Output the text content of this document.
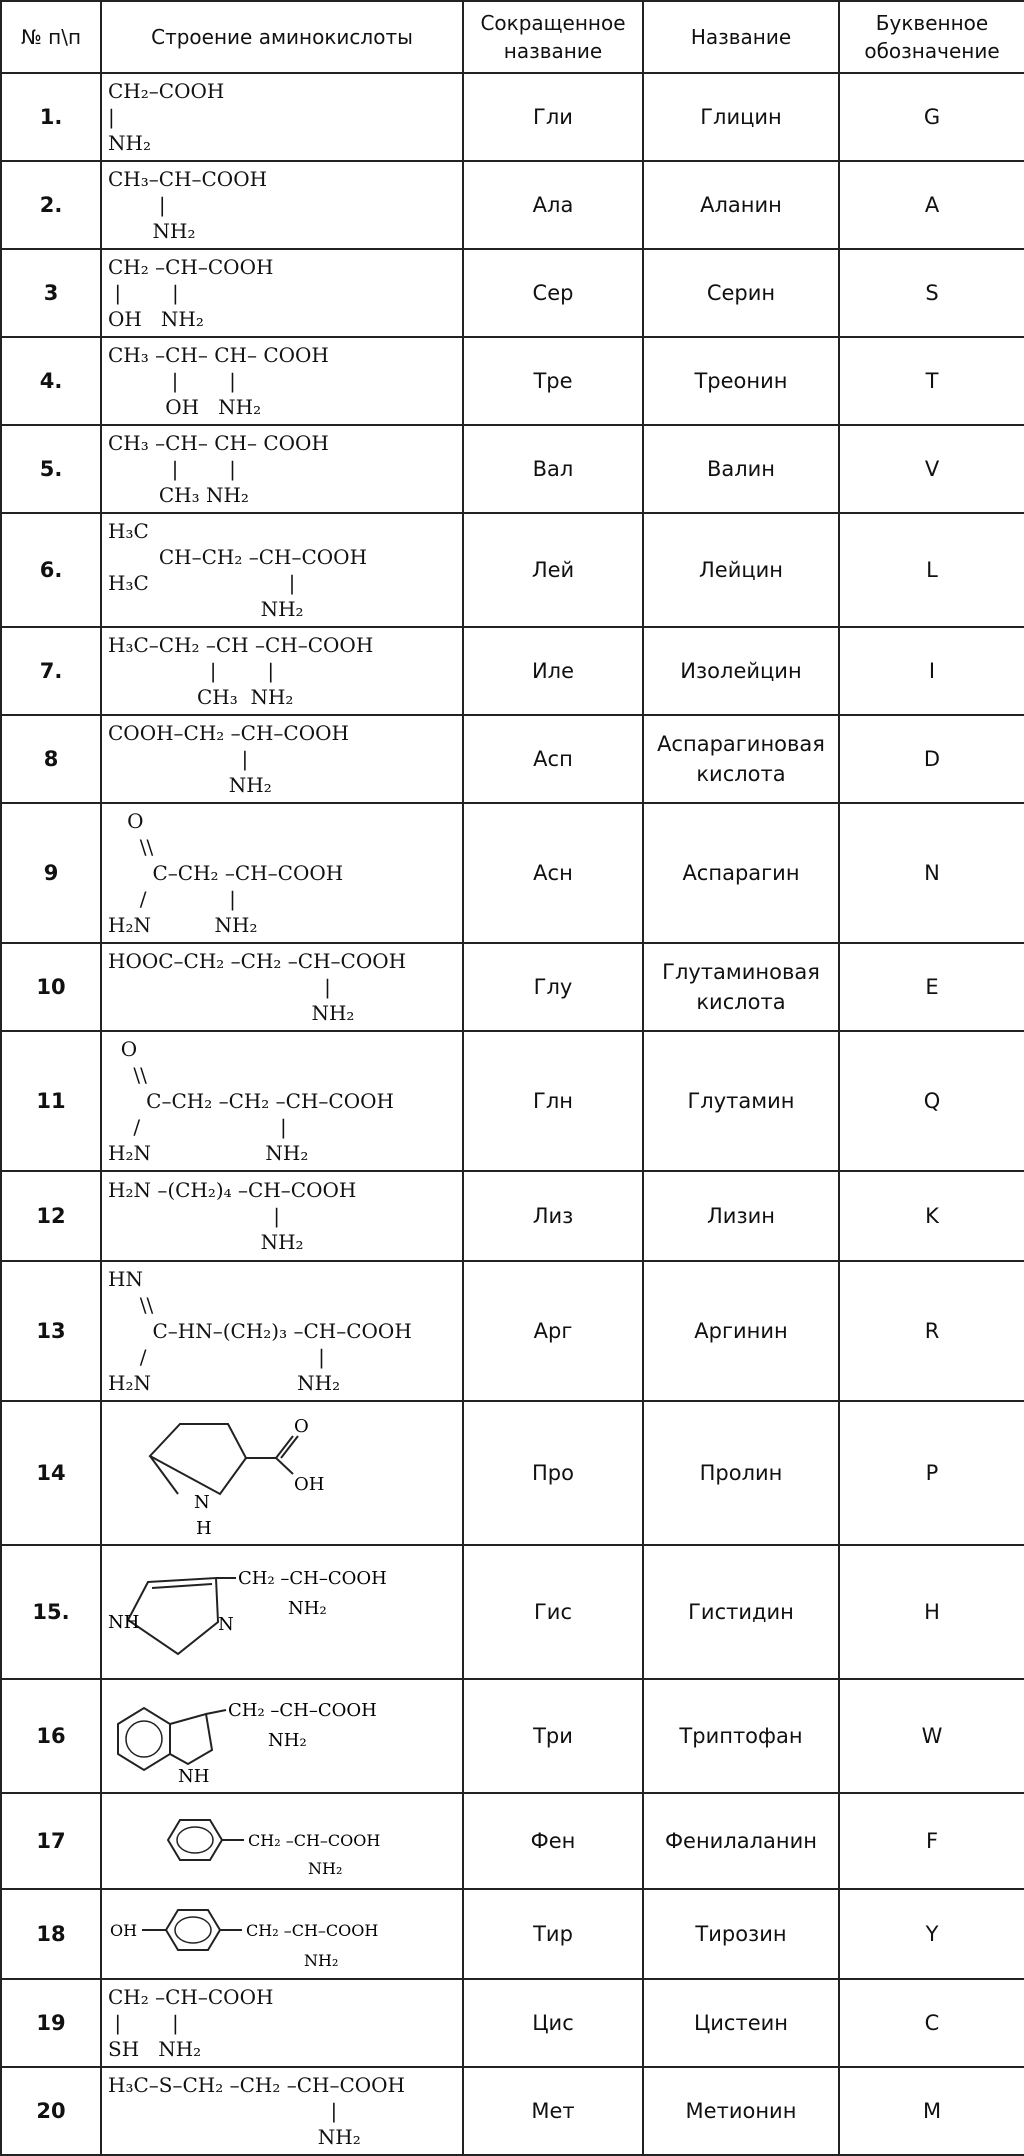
№ п\п	Строение аминокислоты	Сокращенное название	Название	Буквенное обозначение
1.	CH₂–COOH
|
NH₂	Гли	Глицин	G
2.	CH₃–CH–COOH
|
NH₂	Ала	Аланин	A
3	CH₂ –CH–COOH
|        |
OH   NH₂	Сер	Серин	S
4.	CH₃ –CH– CH– COOH
|        |
OH   NH₂	Тре	Треонин	T
5.	CH₃ –CH– CH– COOH
|        |
CH₃ NH₂	Вал	Валин	V
6.	H₃C
CH–CH₂ –CH–COOH
H₃C                      |
NH₂	Лей	Лейцин	L
7.	H₃C–CH₂ –CH –CH–COOH
|        |
CH₃  NH₂	Иле	Изолейцин	I
8	COOH–CH₂ –CH–COOH
|
NH₂	Асп	Аспарагиновая кислота	D
9	O
\\
C–CH₂ –CH–COOH
/             |
H₂N          NH₂	Асн	Аспарагин	N
10	HOOC–CH₂ –CH₂ –CH–COOH
|
NH₂	Глу	Глутаминовая кислота	E
11	O
\\
C–CH₂ –CH₂ –CH–COOH
/                      |
H₂N                  NH₂	Глн	Глутамин	Q
12	H₂N –(CH₂)₄ –CH–COOH
|
NH₂	Лиз	Лизин	K
13	HN
\\
C–HN–(CH₂)₃ –CH–COOH
/                           |
H₂N                       NH₂	Арг	Аргинин	R
14	N
H
O
OH	Про	Пролин	P
15.	NH N
CH₂ –CH–COOH
NH₂	Гис	Гистидин	H
16	NH
CH₂ –CH–COOH
NH₂	Три	Триптофан	W
17	CH₂ –CH–COOH
NH₂	Фен	Фенилаланин	F
18	OH CH₂ –CH–COOH
NH₂	Тир	Тирозин	Y
19	CH₂ –CH–COOH
|        |
SH   NH₂	Цис	Цистеин	C
20	H₃C–S–CH₂ –CH₂ –CH–COOH
|
NH₂	Мет	Метионин	M
